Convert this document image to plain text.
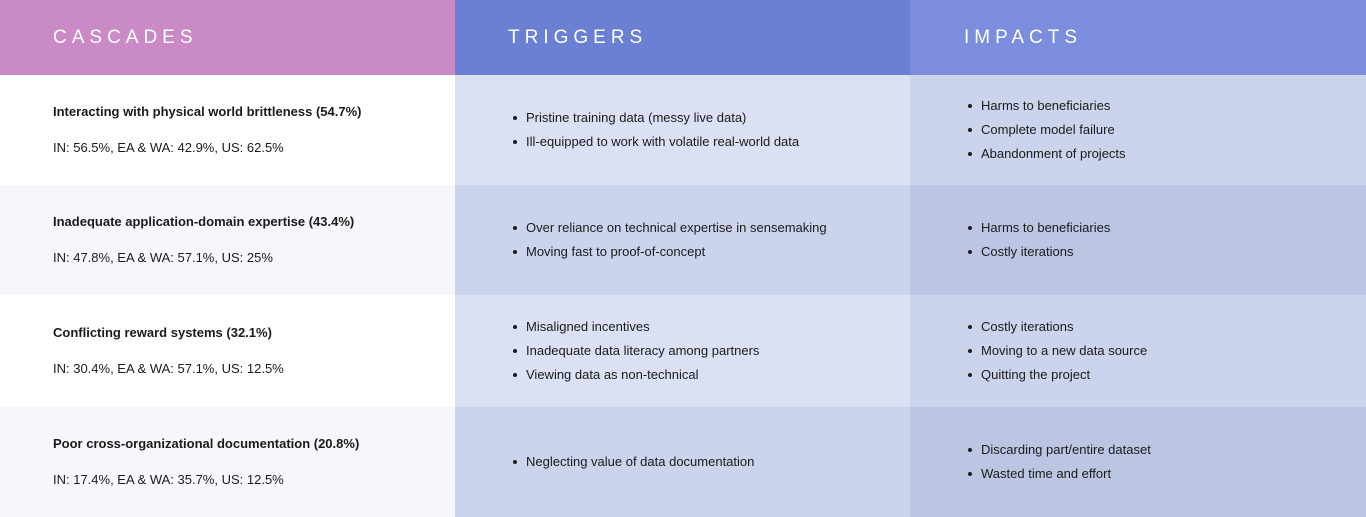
CASCADES	TRIGGERS	IMPACTS
Interacting with physical world brittleness (54.7%)
IN: 56.5%, EA & WA: 42.9%, US: 62.5%
Pristine training data (messy live data)
Ill-equipped to work with volatile real-world data
Harms to beneficiaries
Complete model failure
Abandonment of projects
Inadequate application-domain expertise (43.4%)
IN: 47.8%, EA & WA: 57.1%, US: 25%
Over reliance on technical expertise in sensemaking
Moving fast to proof-of-concept
Harms to beneficiaries
Costly iterations
Conflicting reward systems (32.1%)
IN: 30.4%, EA & WA: 57.1%, US: 12.5%
Misaligned incentives
Inadequate data literacy among partners
Viewing data as non-technical
Costly iterations
Moving to a new data source
Quitting the project
Poor cross-organizational documentation (20.8%)
IN: 17.4%, EA & WA: 35.7%, US: 12.5%
Neglecting value of data documentation
Discarding part/entire dataset
Wasted time and effort
